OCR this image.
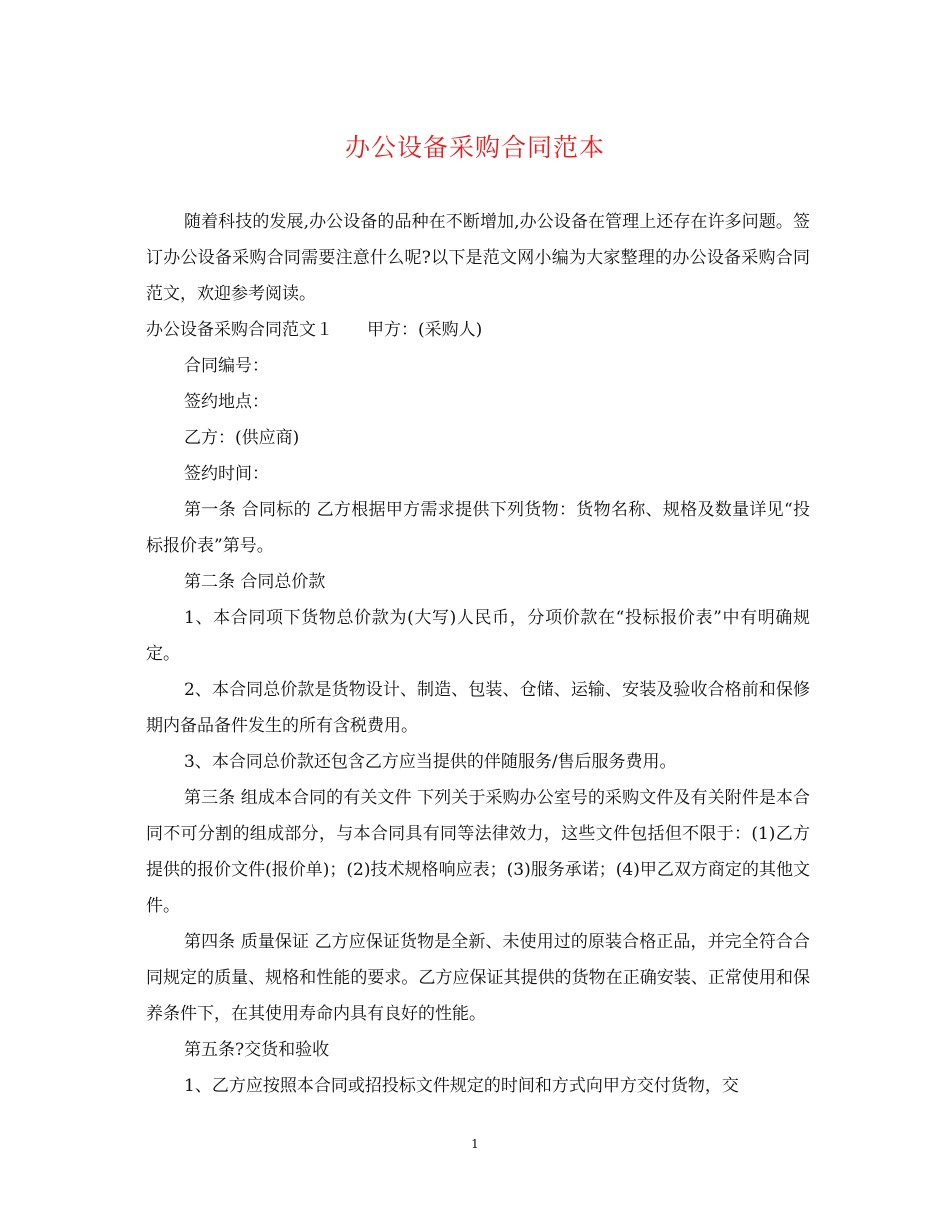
办公设备采购合同范本

随着科技的发展,办公设备的品种在不断增加,办公设备在管理上还存在许多问题。签订办公设备采购合同需要注意什么呢?以下是范文网小编为大家整理的办公设备采购合同范文，欢迎参考阅读。

办公设备采购合同范文１　　甲方：(采购人)

合同编号：

签约地点：

乙方：(供应商)

签约时间：

第一条 合同标的 乙方根据甲方需求提供下列货物：货物名称、规格及数量详见“投标报价表”第号。

第二条 合同总价款

1、本合同项下货物总价款为(大写)人民币，分项价款在“投标报价表”中有明确规定。

2、本合同总价款是货物设计、制造、包装、仓储、运输、安装及验收合格前和保修期内备品备件发生的所有含税费用。

3、本合同总价款还包含乙方应当提供的伴随服务/售后服务费用。

第三条 组成本合同的有关文件 下列关于采购办公室号的采购文件及有关附件是本合同不可分割的组成部分，与本合同具有同等法律效力，这些文件包括但不限于：(1)乙方提供的报价文件(报价单)；(2)技术规格响应表；(3)服务承诺；(4)甲乙双方商定的其他文件。

第四条 质量保证 乙方应保证货物是全新、未使用过的原装合格正品，并完全符合合同规定的质量、规格和性能的要求。乙方应保证其提供的货物在正确安装、正常使用和保养条件下，在其使用寿命内具有良好的性能。

第五条?交货和验收

1、乙方应按照本合同或招投标文件规定的时间和方式向甲方交付货物，交

1
